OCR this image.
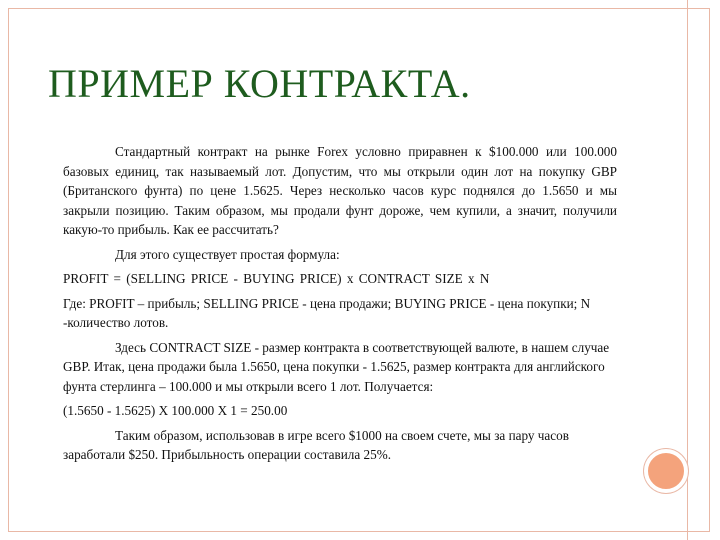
ПРИМЕР КОНТРАКТА.

Стандартный контракт на рынке Forex условно приравнен к $100.000 или 100.000 базовых единиц, так называемый лот. Допустим, что мы открыли один лот на покупку GBP (Британского фунта) по цене 1.5625. Через несколько часов курс поднялся до 1.5650 и мы закрыли позицию. Таким образом, мы продали фунт дороже, чем купили, а значит, получили какую-то прибыль. Как ее рассчитать?

Для этого существует простая формула:

PROFIT = (SELLING PRICE - BUYING PRICE) x CONTRACT SIZE x N

Где: PROFIT – прибыль; SELLING PRICE - цена продажи; BUYING PRICE - цена покупки; N -количество лотов.

Здесь CONTRACT SIZE - размер контракта в соответствующей валюте, в нашем случае GBP. Итак, цена продажи была 1.5650, цена покупки - 1.5625, размер контракта для английского фунта стерлинга – 100.000 и мы открыли всего 1 лот. Получается:

(1.5650 - 1.5625) X 100.000 X 1 = 250.00

Таким образом, использовав в игре всего $1000 на своем счете, мы за пару часов заработали $250. Прибыльность операции составила 25%.
